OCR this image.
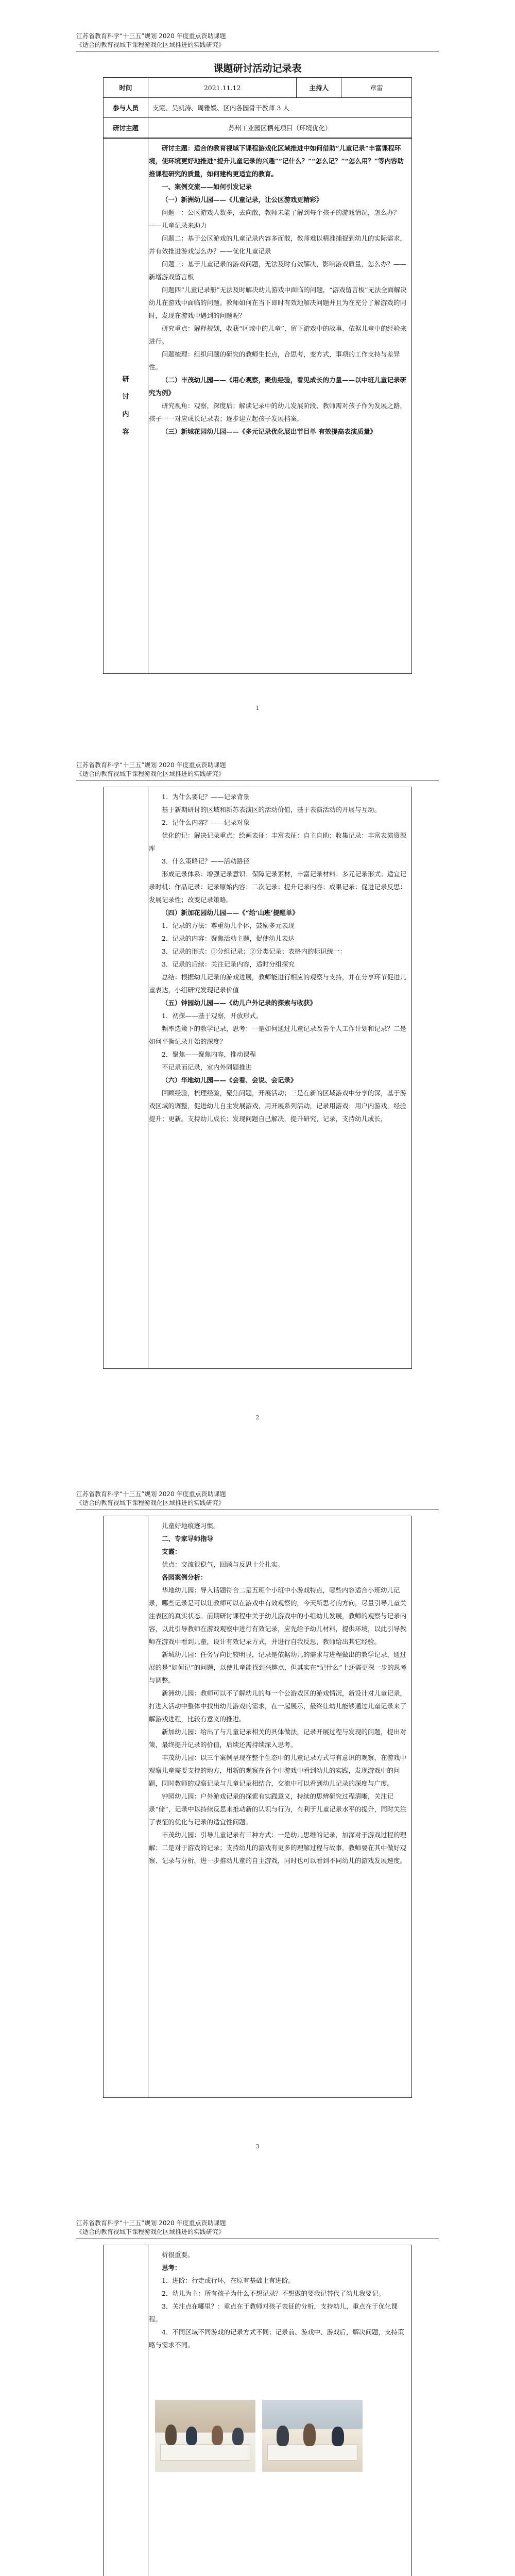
江苏省教育科学“十三五”规划 2020 年度重点资助课题
《适合的教育视域下课程游戏化区域推进的实践研究》
课题研讨活动记录表
时间	2021.11.12	主持人	章雷
参与人员	支霞、吴凯涛、周雅媛、区内各园骨干教师 3 人		
研讨主题	苏州工业园区栖苑项目（环境优化）		
研
讨
内
容

研讨主题：适合的教育视域下课程游戏化区域推进中如何借助“儿童记录”丰富课程环境，使环境更好地推进“提升儿童记录的兴趣”“记什么？”“怎么记？”“怎么用？”等内容助推课程研究的质量，如何建构更适宜的教育。

一、案例交流——如何引发记录

（一）新洲幼儿园——《儿童记录，让公区游戏更精彩》

问题一：公区游戏人数多，去向散，教师未能了解到每个孩子的游戏情况，怎么办？——儿童记录来助力

问题二：基于公区游戏的儿童记录内容多而散，教师难以精准捕捉到幼儿的实际需求，并有效推进游戏怎么办？——优化儿童记录

问题三：基于儿童记录的游戏问题，无法及时有效解决，影响游戏质量，怎么办？——新增游戏留言板

问题四“儿童记录册”无法及时解决幼儿游戏中面临的问题，“游戏留言板”无法全面解决幼儿在游戏中面临的问题。教师如何在当下即时有效地解决问题并且为在充分了解游戏的同时，发现在游戏中遇到的问题呢？

研究重点：解释规划，收获“区域中的儿童”，留下游戏中的故事，依据儿童中的经验来进行。

问题梳理：组织问题的研究的教师生长点，合思考，变方式，事项的工作支持与差异性。

（二）丰茂幼儿园——《用心观察，聚焦经验，看见成长的力量——以中班儿童记录研究为例》

研究视角：观察，深度后；解读记录中的幼儿发展阶段、教师需对孩子作为发展之路，孩子一一对应成长记录表；逐步建立起孩子发展档案，

（三）新城花园幼儿园——《多元记录优化展出节目单 有效提高表演质量》

1
江苏省教育科学“十三五”规划 2020 年度重点资助课题
《适合的教育视域下课程游戏化区域推进的实践研究》

1．为什么要记？——记录背景

基于新期研讨的区域和新苏表演区的活动价值，基于表演活动的开展与互动。

2．记什么内容？——记录对象

优化的记：解决记录重点；绘画表征：丰富表征：自主自助；收集记录：丰富表演资源库

3．什么策略记？——活动路径

形成记录体系：增强记录意识；保障记录素材，丰富记录材料：多元记录形式；适宜记录时机：作品记录：记录原始内容；二次记录：提升记录内容；成果记录：促进记录反思：发展记录性；改变记录策略。

（四）新加花园幼儿园——《“给‘山班’提醒单》

1．记录的方法：尊重幼儿个体，鼓励多元表现

2．记录的内容：聚焦活动主题，促使幼儿表达

3．记录的形式：①分组记录；②分类记录；表格内的标识统一：

3．记录的后续：关注记录内容，适时分组探究

总结：根据幼儿记录的游戏进展，教师能进行相应的观察与支持，并在分享环节促进儿童表达，小组研究发现记录价值

（五）钟园幼儿园——《幼儿户外记录的探索与收获》

1．初探——基于观察，开放形式。

频率选策下的教学记录，思考：一是如何通过儿童记录改善个人工作计划和记录？二是如何平衡记录开始的深度？

2．聚焦——聚焦内容，推动课程

不记录而记录，室内外同题推进

（六）华地幼儿园——《会看、会说、会记录》

回顾经验，梳理经验，聚焦问题，开展活动；三是在新的区域游戏中分享的深，基于游戏区域的调整，促进幼儿自主发展游戏，用开展系列活动，记录用游戏；用户内游戏，经验提升；更新。支持幼儿成长；发现问题自己解决，提升研究，记录，支持幼儿成长，

2
江苏省教育科学“十三五”规划 2020 年度重点资助课题
《适合的教育视域下课程游戏化区域推进的实践研究》

儿童好地痕迹习惯。

二、专家导师指导

支霞：

优点：交流很稳气，回顾与反思十分扎实。

各园案例分析：

华地幼儿园：导入话题符合二是五班个小班中小游戏特点，哪些内容适合小班幼儿记录，哪些记录是可以让教师可以在游戏中有效观察的，今天所思考的方向，尽量引导儿童关注表区的真实状态。前期研讨课程中关于幼儿游戏中的小组幼儿发展，教师的观察与记录内容，以此引导教师在游戏观察中进行有效记录，应先给予幼儿材料，提供环境，以此引导教师在游戏中看到儿童，设计有效记录方式，并进行自我反思，教师给出其它经验。

新城幼儿园：任务导向比较明显，记录是依据幼儿的需求与进程做出的教学记录，通过展的是“如何记”的问题，以使儿童能找到兴趣点，但其实在“记什么”上还需更深一步的思考与调整。

新洲幼儿园：教师可以不了解幼儿的每一个公游戏区的游戏情况，新设计对儿童记录，打进入活动中整体中找出幼儿游戏的需求，在一起展示，最终让幼儿能够通过儿童记录来了解游戏进程，比较有意义的推进。

新加幼儿园：给出了与儿童记录相关的具体做法，记录开展过程与发现的问题，提出对策，最终提升记录的价值，后续还需持续深入思考。

丰茂幼儿园：以三个案例呈现在整个生态中的儿童记录方式与有意识的观察，在游戏中观察儿童需要支持的地方，用新的观察在各个中游戏中看到幼儿的实践，发现游戏中的问题，同时教师的观察记录与儿童记录相结合，交流中可以看到幼儿记录的深度与广度。

钟园幼儿园：户外游戏记录的探索有实践意义，持续的思辨研究过程清晰，关注记录“储”，记录中以持续反思来推动新的认识与行为，有利于儿童记录水平的提升，同时关注了表征的优化与记录的适宜性问题。

丰茂幼儿园：引导儿童记录有三种方式：一是幼儿思维的记录，加深对于游戏过程的理解；二是对于游戏的记录；支持幼儿的游戏有更多的理解过程与故事，教师要在其中做好观察、记录与分析，进一步推动儿童的自主游戏，同时也可以看到不同幼儿的游戏发展速度。

3
江苏省教育科学“十三五”规划 2020 年度重点资助课题
《适合的教育视域下课程游戏化区域推进的实践研究》

析很重要。

思考：

1．进阶：行走或行环，在原有基础上有进阶。

2．幼儿为主：所有孩子为什么不想记录？不想做的要我记替代了幼儿我要记。

3．关注点在哪里？：重点在于教师对孩子表征的分析，支持幼儿，重点在于优化课程。

4．不同区域不同游戏的记录方式不同；记录前、游戏中、游戏后，解决问题，支持策略与需求不同。
